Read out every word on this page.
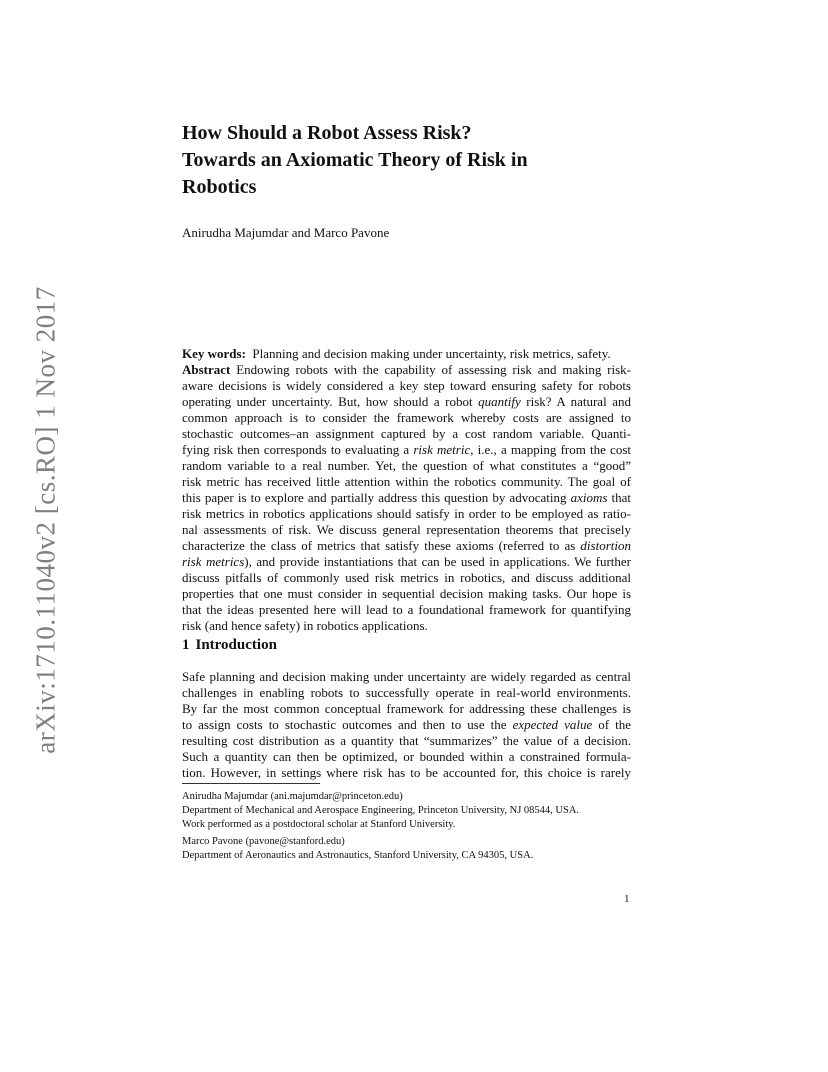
arXiv:1710.11040v2 [cs.RO] 1 Nov 2017
How Should a Robot Assess Risk?
Towards an Axiomatic Theory of Risk in
Robotics
Anirudha Majumdar and Marco Pavone
Key words: Planning and decision making under uncertainty, risk metrics, safety.
Abstract Endowing robots with the capability of assessing risk and making risk-
aware decisions is widely considered a key step toward ensuring safety for robots
operating under uncertainty. But, how should a robot quantify risk? A natural and
common approach is to consider the framework whereby costs are assigned to
stochastic outcomes–an assignment captured by a cost random variable. Quanti-
fying risk then corresponds to evaluating a risk metric, i.e., a mapping from the cost
random variable to a real number. Yet, the question of what constitutes a “good”
risk metric has received little attention within the robotics community. The goal of
this paper is to explore and partially address this question by advocating axioms that
risk metrics in robotics applications should satisfy in order to be employed as ratio-
nal assessments of risk. We discuss general representation theorems that precisely
characterize the class of metrics that satisfy these axioms (referred to as distortion
risk metrics), and provide instantiations that can be used in applications. We further
discuss pitfalls of commonly used risk metrics in robotics, and discuss additional
properties that one must consider in sequential decision making tasks. Our hope is
that the ideas presented here will lead to a foundational framework for quantifying
risk (and hence safety) in robotics applications.
1 Introduction
Safe planning and decision making under uncertainty are widely regarded as central
challenges in enabling robots to successfully operate in real-world environments.
By far the most common conceptual framework for addressing these challenges is
to assign costs to stochastic outcomes and then to use the expected value of the
resulting cost distribution as a quantity that “summarizes” the value of a decision.
Such a quantity can then be optimized, or bounded within a constrained formula-
tion. However, in settings where risk has to be accounted for, this choice is rarely
Anirudha Majumdar (ani.majumdar@princeton.edu)
Department of Mechanical and Aerospace Engineering, Princeton University, NJ 08544, USA.
Work performed as a postdoctoral scholar at Stanford University.
Marco Pavone (pavone@stanford.edu)
Department of Aeronautics and Astronautics, Stanford University, CA 94305, USA.
1
